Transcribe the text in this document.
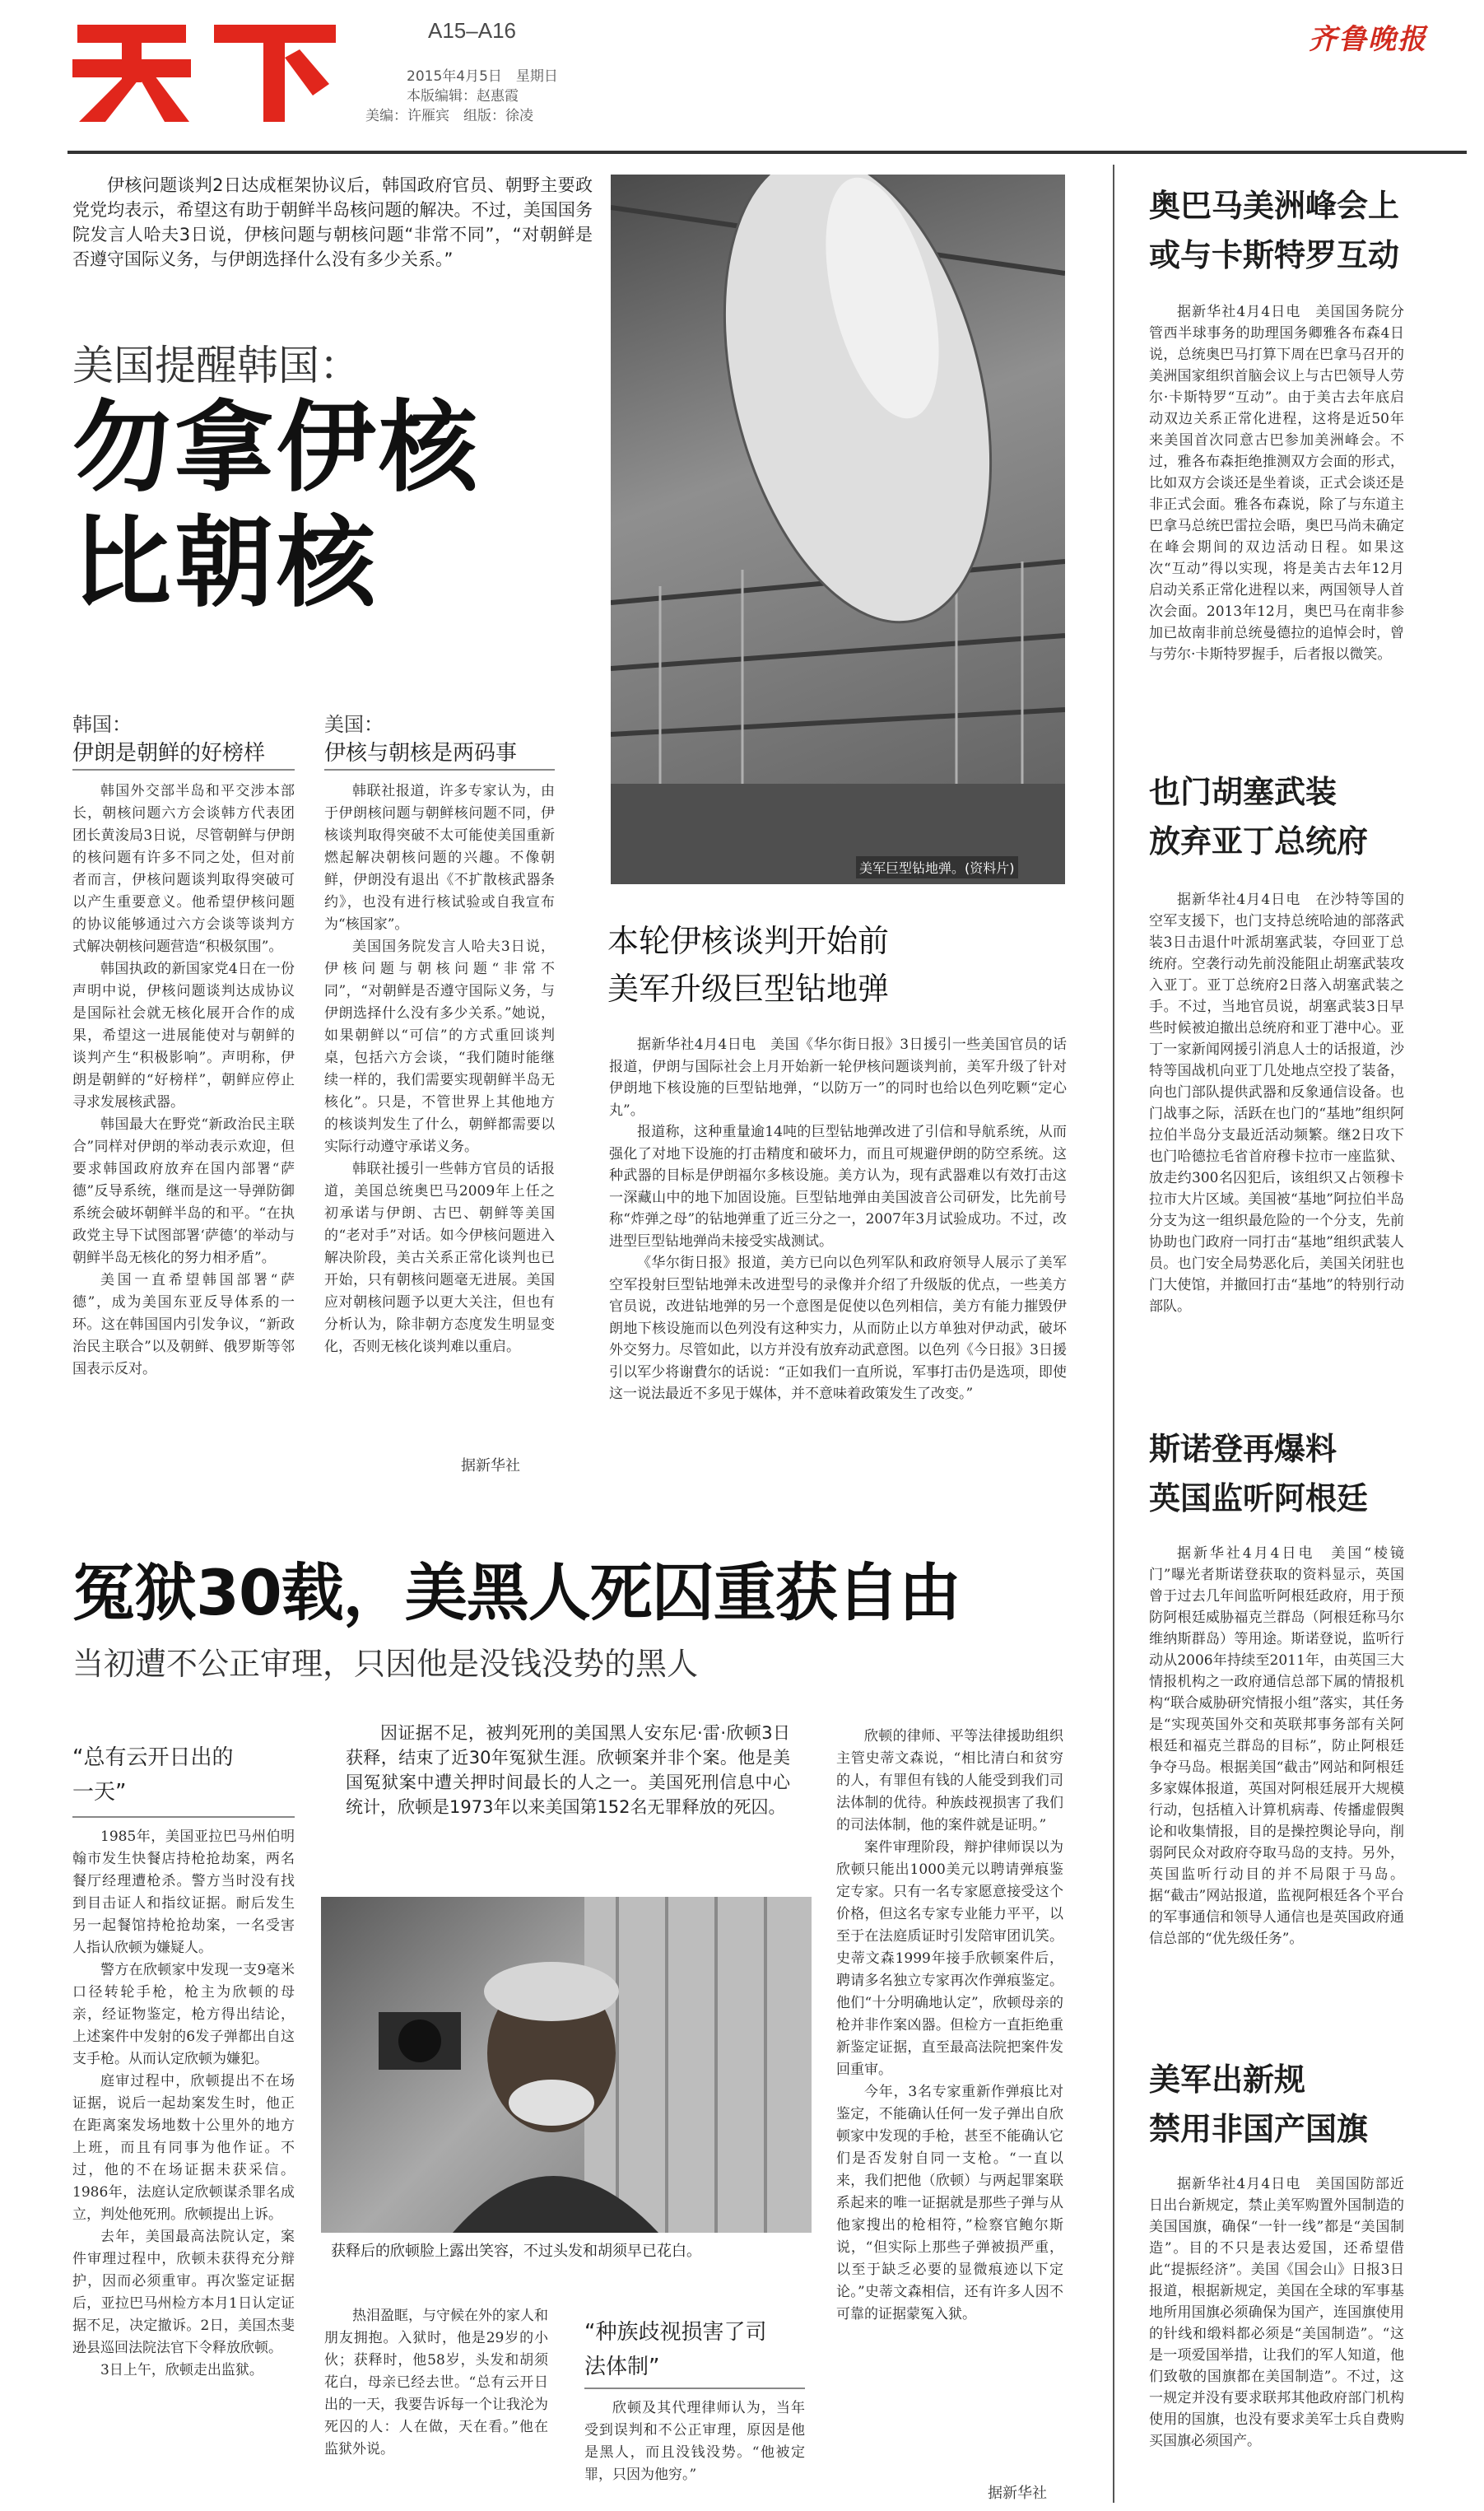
A15–A16
2015年4月5日　星期日
本版编辑：赵惠霞
美编：许雁宾　组版：徐凌
齐鲁晚报
伊核问题谈判2日达成框架协议后，韩国政府官员、朝野主要政党党均表示，希望这有助于朝鲜半岛核问题的解决。不过，美国国务院发言人哈夫3日说，伊核问题与朝核问题“非常不同”，“对朝鲜是否遵守国际义务，与伊朗选择什么没有多少关系。”
美国提醒韩国：
勿拿伊核
比朝核
韩国：
伊朗是朝鲜的好榜样

韩国外交部半岛和平交涉本部长，朝核问题六方会谈韩方代表团团长黄浚局3日说，尽管朝鲜与伊朗的核问题有许多不同之处，但对前者而言，伊核问题谈判取得突破可以产生重要意义。他希望伊核问题的协议能够通过六方会谈等谈判方式解决朝核问题营造“积极氛围”。

韩国执政的新国家党4日在一份声明中说，伊核问题谈判达成协议是国际社会就无核化展开合作的成果，希望这一进展能使对与朝鲜的谈判产生“积极影响”。声明称，伊朗是朝鲜的“好榜样”，朝鲜应停止寻求发展核武器。

韩国最大在野党“新政治民主联合”同样对伊朗的举动表示欢迎，但要求韩国政府放弃在国内部署“萨德”反导系统，继而是这一导弹防御系统会破坏朝鲜半岛的和平。“在执政党主导下试图部署‘萨德’的举动与朝鲜半岛无核化的努力相矛盾”。

美国一直希望韩国部署“萨德”，成为美国东亚反导体系的一环。这在韩国国内引发争议，“新政治民主联合”以及朝鲜、俄罗斯等邻国表示反对。

美国：
伊核与朝核是两码事

韩联社报道，许多专家认为，由于伊朗核问题与朝鲜核问题不同，伊核谈判取得突破不太可能使美国重新燃起解决朝核问题的兴趣。不像朝鲜，伊朗没有退出《不扩散核武器条约》，也没有进行核试验或自我宣布为“核国家”。

美国国务院发言人哈夫3日说，伊核问题与朝核问题“非常不同”，“对朝鲜是否遵守国际义务，与伊朗选择什么没有多少关系。”她说，如果朝鲜以“可信”的方式重回谈判桌，包括六方会谈，“我们随时能继续一样的，我们需要实现朝鲜半岛无核化”。只是，不管世界上其他地方的核谈判发生了什么，朝鲜都需要以实际行动遵守承诺义务。

韩联社援引一些韩方官员的话报道，美国总统奥巴马2009年上任之初承诺与伊朗、古巴、朝鲜等美国的“老对手”对话。如今伊核问题进入解决阶段，美古关系正常化谈判也已开始，只有朝核问题毫无进展。美国应对朝核问题予以更大关注，但也有分析认为，除非朝方态度发生明显变化，否则无核化谈判难以重启。

据新华社
美军巨型钻地弹。(资料片)
本轮伊核谈判开始前
美军升级巨型钻地弹

据新华社4月4日电　美国《华尔街日报》3日援引一些美国官员的话报道，伊朗与国际社会上月开始新一轮伊核问题谈判前，美军升级了针对伊朗地下核设施的巨型钻地弹，“以防万一”的同时也给以色列吃颗“定心丸”。

报道称，这种重量逾14吨的巨型钻地弹改进了引信和导航系统，从而强化了对地下设施的打击精度和破坏力，而且可规避伊朗的防空系统。这种武器的目标是伊朗福尔多核设施。美方认为，现有武器难以有效打击这一深藏山中的地下加固设施。巨型钻地弹由美国波音公司研发，比先前号称“炸弹之母”的钻地弹重了近三分之一，2007年3月试验成功。不过，改进型巨型钻地弹尚未接受实战测试。

《华尔街日报》报道，美方已向以色列军队和政府领导人展示了美军空军投射巨型钻地弹未改进型号的录像并介绍了升级版的优点，一些美方官员说，改进钻地弹的另一个意图是促使以色列相信，美方有能力摧毁伊朗地下核设施而以色列没有这种实力，从而防止以方单独对伊动武，破坏外交努力。尽管如此，以方并没有放弃动武意图。以色列《今日报》3日援引以军少将谢費尔的话说：“正如我们一直所说，军事打击仍是选项，即使这一说法最近不多见于媒体，并不意味着政策发生了改变。”

冤狱30载，美黑人死囚重获自由
当初遭不公正审理，只因他是没钱没势的黑人
“总有云开日出的一天”

1985年，美国亚拉巴马州伯明翰市发生快餐店持枪抢劫案，两名餐厅经理遭枪杀。警方当时没有找到目击证人和指纹证据。耐后发生另一起餐馆持枪抢劫案，一名受害人指认欣顿为嫌疑人。

警方在欣顿家中发现一支9毫米口径转轮手枪，枪主为欣顿的母亲，经证物鉴定，枪方得出结论，上述案件中发射的6发子弹都出自这支手枪。从而认定欣顿为嫌犯。

庭审过程中，欣顿提出不在场证据，说后一起劫案发生时，他正在距离案发场地数十公里外的地方上班，而且有同事为他作证。不过，他的不在场证据未获采信。1986年，法庭认定欣顿谋杀罪名成立，判处他死刑。欣顿提出上诉。

去年，美国最高法院认定，案件审理过程中，欣顿未获得充分辩护，因而必须重审。再次鉴定证据后，亚拉巴马州检方本月1日认定证据不足，决定撤诉。2日，美国杰斐逊县巡回法院法官下令释放欣顿。

3日上午，欣顿走出监狱。

因证据不足，被判死刑的美国黑人安东尼·雷·欣顿3日获释，结束了近30年冤狱生涯。欣顿案并非个案。他是美国冤狱案中遭关押时间最长的人之一。美国死刑信息中心统计，欣顿是1973年以来美国第152名无罪释放的死囚。
获释后的欣顿脸上露出笑容，不过头发和胡须早已花白。

热泪盈眶，与守候在外的家人和朋友拥抱。入狱时，他是29岁的小伙；获释时，他58岁，头发和胡须花白，母亲已经去世。“总有云开日出的一天，我要告诉每一个让我沦为死囚的人：人在做，天在看。”他在监狱外说。

“种族歧视损害了司法体制”

欣顿及其代理律师认为，当年受到误判和不公正审理，原因是他是黑人，而且没钱没势。“他被定罪，只因为他穷。”

欣顿的律师、平等法律援助组织主管史蒂文森说，“相比清白和贫穷的人，有罪但有钱的人能受到我们司法体制的优待。种族歧视损害了我们的司法体制，他的案件就是证明。”

案件审理阶段，辩护律师误以为欣顿只能出1000美元以聘请弹痕鉴定专家。只有一名专家愿意接受这个价格，但这名专家专业能力平平，以至于在法庭质证时引发陪审团讥笑。史蒂文森1999年接手欣顿案件后，聘请多名独立专家再次作弹痕鉴定。他们“十分明确地认定”，欣顿母亲的枪并非作案凶器。但检方一直拒绝重新鉴定证据，直至最高法院把案件发回重审。

今年，3名专家重新作弹痕比对鉴定，不能确认任何一发子弹出自欣顿家中发现的手枪，甚至不能确认它们是否发射自同一支枪。“一直以来，我们把他（欣顿）与两起罪案联系起来的唯一证据就是那些子弹与从他家搜出的枪相符，”检察官鲍尔斯说，“但实际上那些子弹被损严重，以至于缺乏必要的显微痕迹以下定论。”史蒂文森相信，还有许多人因不可靠的证据蒙冤入狱。

据新华社
奥巴马美洲峰会上
或与卡斯特罗互动

据新华社4月4日电　美国国务院分管西半球事务的助理国务卿雅各布森4日说，总统奥巴马打算下周在巴拿马召开的美洲国家组织首脑会议上与古巴领导人劳尔·卡斯特罗“互动”。由于美古去年底启动双边关系正常化进程，这将是近50年来美国首次同意古巴参加美洲峰会。不过，雅各布森拒绝推测双方会面的形式，比如双方会谈还是坐着谈，正式会谈还是非正式会面。雅各布森说，除了与东道主巴拿马总统巴雷拉会晤，奥巴马尚未确定在峰会期间的双边活动日程。如果这次“互动”得以实现，将是美古去年12月启动关系正常化进程以来，两国领导人首次会面。2013年12月，奥巴马在南非参加已故南非前总统曼德拉的追悼会时，曾与劳尔·卡斯特罗握手，后者报以微笑。

也门胡塞武装
放弃亚丁总统府

据新华社4月4日电　在沙特等国的空军支援下，也门支持总统哈迪的部落武装3日击退什叶派胡塞武装，夺回亚丁总统府。空袭行动先前没能阻止胡塞武装攻入亚丁。亚丁总统府2日落入胡塞武装之手。不过，当地官员说，胡塞武装3日早些时候被迫撤出总统府和亚丁港中心。亚丁一家新闻网援引消息人士的话报道，沙特等国战机向亚丁几处地点空投了装备，向也门部队提供武器和反象通信设备。也门战事之际，活跃在也门的“基地”组织阿拉伯半岛分支最近活动频繁。继2日攻下也门哈德拉毛省首府穆卡拉市一座监狱、放走约300名囚犯后，该组织又占领穆卡拉市大片区域。美国被“基地”阿拉伯半岛分支为这一组织最危险的一个分支，先前协助也门政府一同打击“基地”组织武装人员。也门安全局势恶化后，美国关闭驻也门大使馆，并撤回打击“基地”的特别行动部队。

斯诺登再爆料
英国监听阿根廷

据新华社4月4日电　美国“棱镜门”曝光者斯诺登获取的资料显示，英国曾于过去几年间监听阿根廷政府，用于预防阿根廷威胁福克兰群岛（阿根廷称马尔维纳斯群岛）等用途。斯诺登说，监听行动从2006年持续至2011年，由英国三大情报机构之一政府通信总部下属的情报机构“联合威胁研究情报小组”落实，其任务是“实现英国外交和英联邦事务部有关阿根廷和福克兰群岛的目标”，防止阿根廷争夺马岛。根据美国“截击”网站和阿根廷多家媒体报道，英国对阿根廷展开大规模行动，包括植入计算机病毒、传播虚假舆论和收集情报，目的是操控舆论导向，削弱阿民众对政府夺取马岛的支持。另外，英国监听行动目的并不局限于马岛。据“截击”网站报道，监视阿根廷各个平台的军事通信和领导人通信也是英国政府通信总部的“优先级任务”。

美军出新规
禁用非国产国旗

据新华社4月4日电　美国国防部近日出台新规定，禁止美军购置外国制造的美国国旗，确保“一针一线”都是“美国制造”。目的不只是表达爱国，还希望借此“提振经济”。美国《国会山》日报3日报道，根据新规定，美国在全球的军事基地所用国旗必须确保为国产，连国旗使用的针线和缎料都必须是“美国制造”。“这是一项爱国举措，让我们的军人知道，他们致敬的国旗都在美国制造”。不过，这一规定并没有要求联邦其他政府部门机构使用的国旗，也没有要求美军士兵自费购买国旗必须国产。
